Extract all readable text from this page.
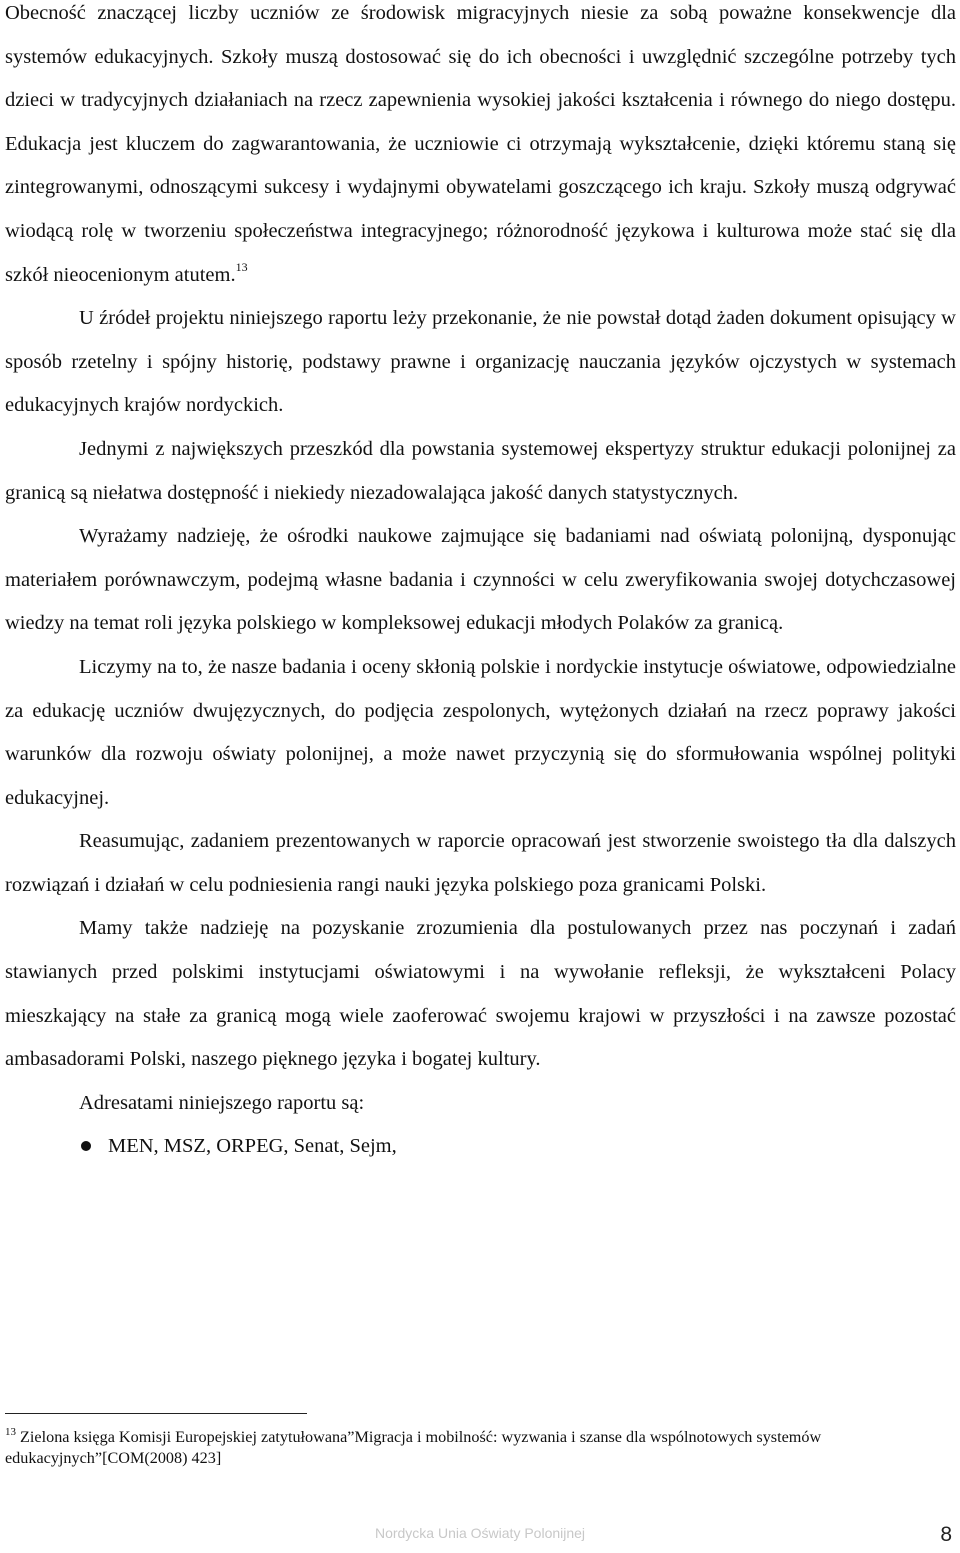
Obecność znaczącej liczby uczniów ze środowisk migracyjnych niesie za sobą poważne konsekwencje dla systemów edukacyjnych. Szkoły muszą dostosować się do ich obecności i uwzględnić szczególne potrzeby tych dzieci w tradycyjnych działaniach na rzecz zapewnienia wysokiej jakości kształcenia i równego do niego dostępu. Edukacja jest kluczem do zagwarantowania, że uczniowie ci otrzymają wykształcenie, dzięki któremu staną się zintegrowanymi, odnoszącymi sukcesy i wydajnymi obywatelami goszczącego ich kraju. Szkoły muszą odgrywać wiodącą rolę w tworzeniu społeczeństwa integracyjnego; różnorodność językowa i kulturowa może stać się dla szkół nieocenionym atutem.$^{13}$

U źródeł projektu niniejszego raportu leży przekonanie, że nie powstał dotąd żaden dokument opisujący w sposób rzetelny i spójny historię, podstawy prawne i organizację nauczania języków ojczystych w systemach edukacyjnych krajów nordyckich.

Jednymi z największych przeszkód dla powstania systemowej ekspertyzy struktur edukacji polonijnej za granicą są niełatwa dostępność i niekiedy niezadowalająca jakość danych statystycznych.

Wyrażamy nadzieję, że ośrodki naukowe zajmujące się badaniami nad oświatą polonijną, dysponując materiałem porównawczym, podejmą własne badania i czynności w celu zweryfikowania swojej dotychczasowej wiedzy na temat roli języka polskiego w kompleksowej edukacji młodych Polaków za granicą.

Liczymy na to, że nasze badania i oceny skłonią polskie i nordyckie instytucje oświatowe, odpowiedzialne za edukację uczniów dwujęzycznych, do podjęcia zespolonych, wytężonych działań na rzecz poprawy jakości warunków dla rozwoju oświaty polonijnej, a może nawet przyczynią się do sformułowania wspólnej polityki edukacyjnej.

Reasumując, zadaniem prezentowanych w raporcie opracowań jest stworzenie swoistego tła dla dalszych rozwiązań i działań w celu podniesienia rangi nauki języka polskiego poza granicami Polski.

Mamy także nadzieję na pozyskanie zrozumienia dla postulowanych przez nas poczynań i zadań stawianych przed polskimi instytucjami oświatowymi i na wywołanie refleksji, że wykształceni Polacy mieszkający na stałe za granicą mogą wiele zaoferować swojemu krajowi w przyszłości i na zawsze pozostać ambasadorami Polski, naszego pięknego języka i bogatej kultury.

Adresatami niniejszego raportu są:

MEN, MSZ, ORPEG, Senat, Sejm,
$^{13}$ Zielona księga Komisji Europejskiej zatytułowana”Migracja i mobilność: wyzwania i szanse dla wspólnotowych systemów edukacyjnych”[COM(2008) 423]
Nordycka Unia Oświaty Polonijnej	8
